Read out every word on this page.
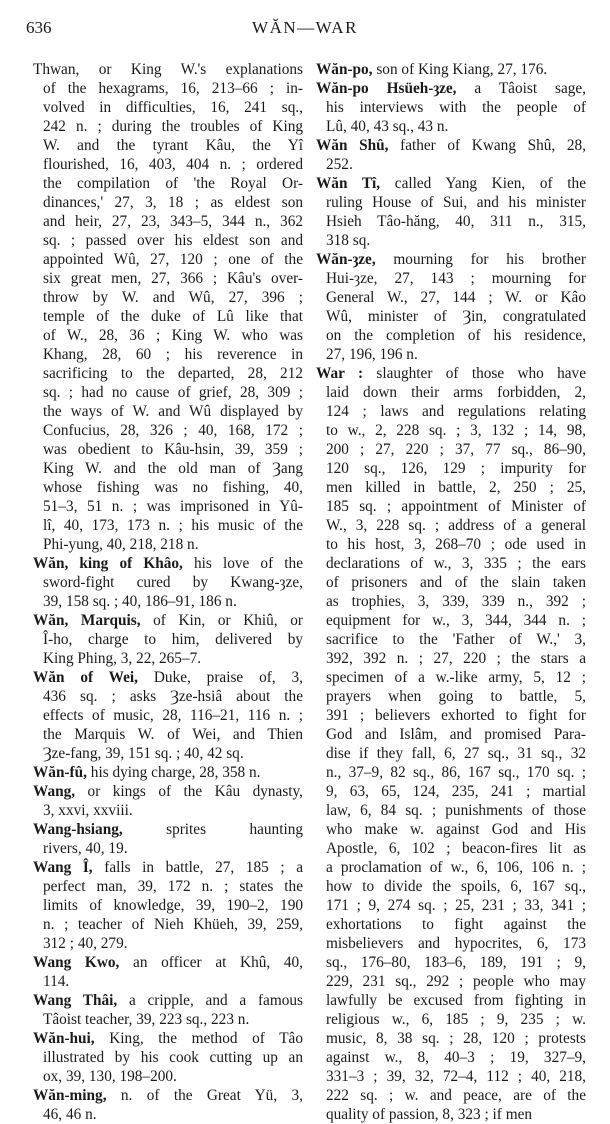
636	WĂN—WAR
Thwan, or King W.'s explanations
of the hexagrams, 16, 213–66 ; in-
volved in difficulties, 16, 241 sq.,
242 n. ; during the troubles of King
W. and the tyrant Kâu, the Yî
flourished, 16, 403, 404 n. ; ordered
the compilation of 'the Royal Or-
dinances,' 27, 3, 18 ; as eldest son
and heir, 27, 23, 343–5, 344 n., 362
sq. ; passed over his eldest son and
appointed Wû, 27, 120 ; one of the
six great men, 27, 366 ; Kâu's over-
throw by W. and Wû, 27, 396 ;
temple of the duke of Lû like that
of W., 28, 36 ; King W. who was
Khang, 28, 60 ; his reverence in
sacrificing to the departed, 28, 212
sq. ; had no cause of grief, 28, 309 ;
the ways of W. and Wû displayed by
Confucius, 28, 326 ; 40, 168, 172 ;
was obedient to Kâu-hsin, 39, 359 ;
King W. and the old man of Ȝang
whose fishing was no fishing, 40,
51–3, 51 n. ; was imprisoned in Yû-
lî, 40, 173, 173 n. ; his music of the
Phi-yung, 40, 218, 218 n.
Wăn, king of Khâo, his love of the
sword-fight cured by Kwang-ȝze,
39, 158 sq. ; 40, 186–91, 186 n.
Wăn, Marquis, of Kin, or Khiû, or
Î-ho, charge to him, delivered by
King Phing, 3, 22, 265–7.
Wăn of Wei, Duke, praise of, 3,
436 sq. ; asks Ȝze-hsiâ about the
effects of music, 28, 116–21, 116 n. ;
the Marquis W. of Wei, and Thien
Ȝze-fang, 39, 151 sq. ; 40, 42 sq.
Wăn-fû, his dying charge, 28, 358 n.
Wang, or kings of the Kâu dynasty,
3, xxvi, xxviii.
Wang-hsiang, sprites haunting
rivers, 40, 19.
Wang Î, falls in battle, 27, 185 ; a
perfect man, 39, 172 n. ; states the
limits of knowledge, 39, 190–2, 190
n. ; teacher of Nieh Khüeh, 39, 259,
312 ; 40, 279.
Wang Kwo, an officer at Khû, 40,
114.
Wang Thâi, a cripple, and a famous
Tâoist teacher, 39, 223 sq., 223 n.
Wăn-hui, King, the method of Tâo
illustrated by his cook cutting up an
ox, 39, 130, 198–200.
Wăn-ming, n. of the Great Yü, 3,
46, 46 n.
Wăn-po, son of King Kiang, 27, 176.
Wăn-po Hsüeh-ȝze, a Tâoist sage,
his interviews with the people of
Lû, 40, 43 sq., 43 n.
Wăn Shû, father of Kwang Shû, 28,
252.
Wăn Tî, called Yang Kien, of the
ruling House of Sui, and his minister
Hsieh Tâo-hăng, 40, 311 n., 315,
318 sq.
Wăn-ȝze, mourning for his brother
Hui-ȝze, 27, 143 ; mourning for
General W., 27, 144 ; W. or Kâo
Wû, minister of Ȝin, congratulated
on the completion of his residence,
27, 196, 196 n.
War : slaughter of those who have
laid down their arms forbidden, 2,
124 ; laws and regulations relating
to w., 2, 228 sq. ; 3, 132 ; 14, 98,
200 ; 27, 220 ; 37, 77 sq., 86–90,
120 sq., 126, 129 ; impurity for
men killed in battle, 2, 250 ; 25,
185 sq. ; appointment of Minister of
W., 3, 228 sq. ; address of a general
to his host, 3, 268–70 ; ode used in
declarations of w., 3, 335 ; the ears
of prisoners and of the slain taken
as trophies, 3, 339, 339 n., 392 ;
equipment for w., 3, 344, 344 n. ;
sacrifice to the 'Father of W.,' 3,
392, 392 n. ; 27, 220 ; the stars a
specimen of a w.-like army, 5, 12 ;
prayers when going to battle, 5,
391 ; believers exhorted to fight for
God and Islâm, and promised Para-
dise if they fall, 6, 27 sq., 31 sq., 32
n., 37–9, 82 sq., 86, 167 sq., 170 sq. ;
9, 63, 65, 124, 235, 241 ; martial
law, 6, 84 sq. ; punishments of those
who make w. against God and His
Apostle, 6, 102 ; beacon-fires lit as
a proclamation of w., 6, 106, 106 n. ;
how to divide the spoils, 6, 167 sq.,
171 ; 9, 274 sq. ; 25, 231 ; 33, 341 ;
exhortations to fight against the
misbelievers and hypocrites, 6, 173
sq., 176–80, 183–6, 189, 191 ; 9,
229, 231 sq., 292 ; people who may
lawfully be excused from fighting in
religious w., 6, 185 ; 9, 235 ; w.
music, 8, 38 sq. ; 28, 120 ; protests
against w., 8, 40–3 ; 19, 327–9,
331–3 ; 39, 32, 72–4, 112 ; 40, 218,
222 sq. ; w. and peace, are of the
quality of passion, 8, 323 ; if men
